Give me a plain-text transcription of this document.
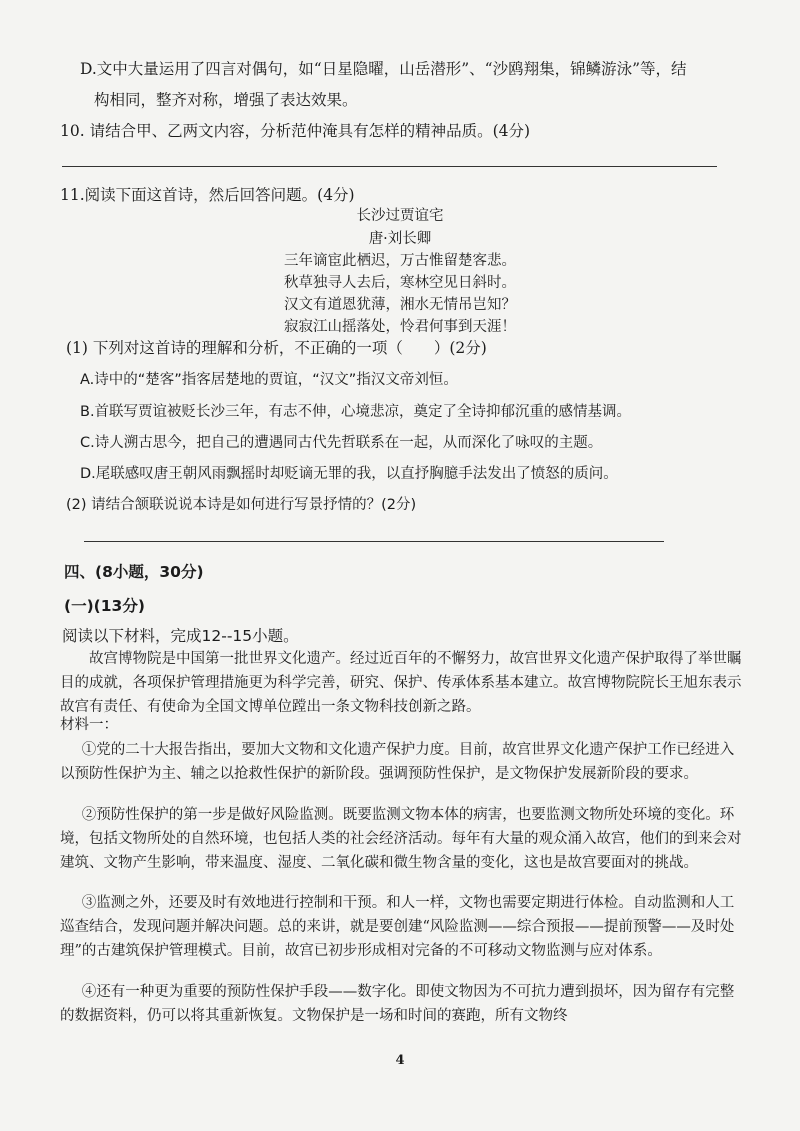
D.文中大量运用了四言对偶句，如“日星隐曜，山岳潜形”、“沙鸥翔集，锦鳞游泳”等，结
构相同，整齐对称，增强了表达效果。
10. 请结合甲、乙两文内容，分析范仲淹具有怎样的精神品质。(4分)
11.阅读下面这首诗，然后回答问题。(4分)
长沙过贾谊宅
唐·刘长卿
三年谪宦此栖迟，万古惟留楚客悲。
秋草独寻人去后，寒林空见日斜时。
汉文有道恩犹薄，湘水无情吊岂知？
寂寂江山摇落处，怜君何事到天涯！
(1) 下列对这首诗的理解和分析，不正确的一项（　　）(2分)
A.诗中的“楚客”指客居楚地的贾谊，“汉文”指汉文帝刘恒。
B.首联写贾谊被贬长沙三年，有志不伸，心境悲凉，奠定了全诗抑郁沉重的感情基调。
C.诗人溯古思今，把自己的遭遇同古代先哲联系在一起，从而深化了咏叹的主题。
D.尾联感叹唐王朝风雨飘摇时却贬谪无罪的我，以直抒胸臆手法发出了愤怒的质问。
(2) 请结合颔联说说本诗是如何进行写景抒情的？(2分)
四、(8小题，30分)
(一)(13分)
阅读以下材料，完成12--15小题。
故宫博物院是中国第一批世界文化遗产。经过近百年的不懈努力，故宫世界文化遗产保护取得了举世瞩目的成就，各项保护管理措施更为科学完善，研究、保护、传承体系基本建立。故宫博物院院长王旭东表示故宫有责任、有使命为全国文博单位蹚出一条文物科技创新之路。
材料一：
①党的二十大报告指出，要加大文物和文化遗产保护力度。目前，故宫世界文化遗产保护工作已经进入以预防性保护为主、辅之以抢救性保护的新阶段。强调预防性保护，是文物保护发展新阶段的要求。
②预防性保护的第一步是做好风险监测。既要监测文物本体的病害，也要监测文物所处环境的变化。环境，包括文物所处的自然环境，也包括人类的社会经济活动。每年有大量的观众涌入故宫，他们的到来会对建筑、文物产生影响，带来温度、湿度、二氧化碳和微生物含量的变化，这也是故宫要面对的挑战。
③监测之外，还要及时有效地进行控制和干预。和人一样，文物也需要定期进行体检。自动监测和人工巡查结合，发现问题并解决问题。总的来讲，就是要创建“风险监测——综合预报——提前预警——及时处理”的古建筑保护管理模式。目前，故宫已初步形成相对完备的不可移动文物监测与应对体系。
④还有一种更为重要的预防性保护手段——数字化。即使文物因为不可抗力遭到损坏，因为留存有完整的数据资料，仍可以将其重新恢复。文物保护是一场和时间的赛跑，所有文物终
4
